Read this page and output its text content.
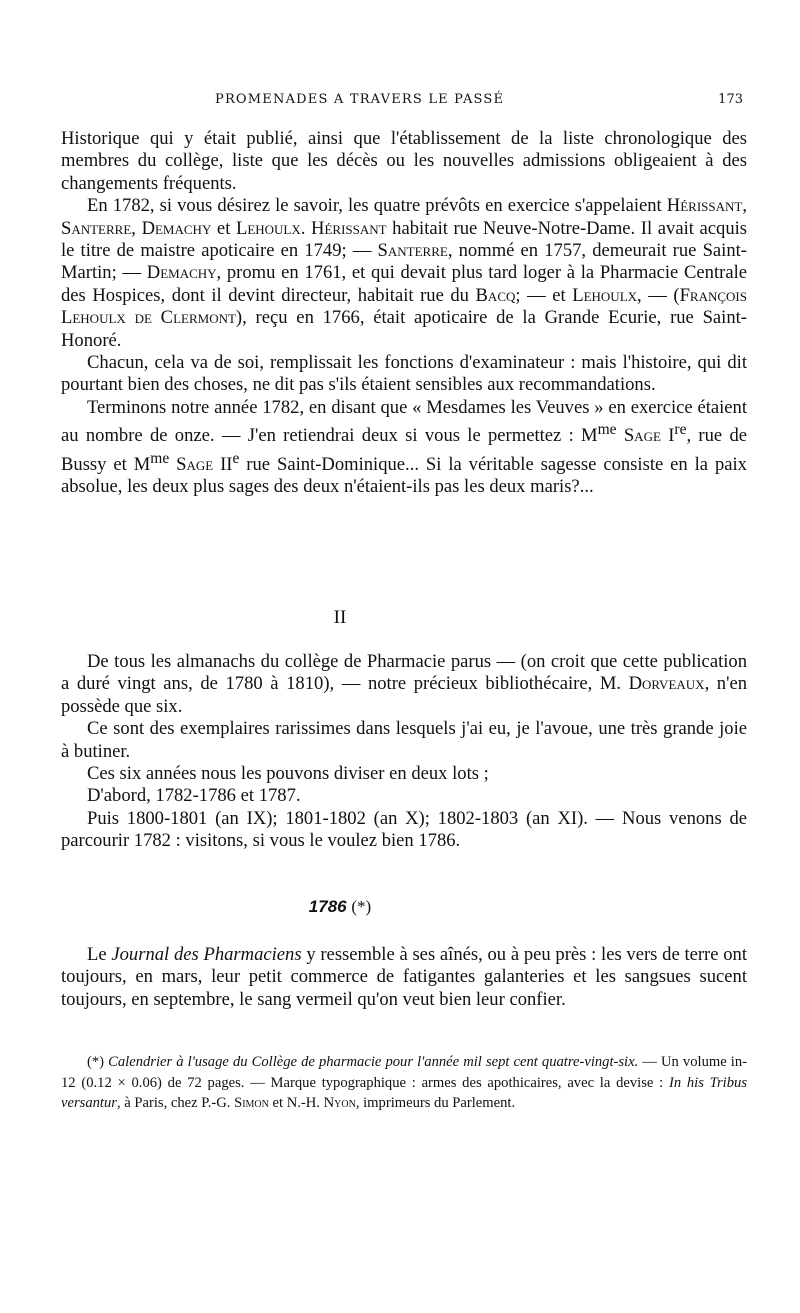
PROMENADES A TRAVERS LE PASSÉ	173

Historique qui y était publié, ainsi que l'établissement de la liste chronologique des membres du collège, liste que les décès ou les nouvelles admissions obligeaient à des changements fréquents.

En 1782, si vous désirez le savoir, les quatre prévôts en exercice s'appelaient Hérissant, Santerre, Demachy et Lehoulx. Hérissant habitait rue Neuve-Notre-Dame. Il avait acquis le titre de maistre apoticaire en 1749; — Santerre, nommé en 1757, demeurait rue Saint-Martin; — Demachy, promu en 1761, et qui devait plus tard loger à la Pharmacie Centrale des Hospices, dont il devint directeur, habitait rue du Bacq; — et Lehoulx, — (François Lehoulx de Clermont), reçu en 1766, était apoticaire de la Grande Ecurie, rue Saint-Honoré.

Chacun, cela va de soi, remplissait les fonctions d'examinateur : mais l'histoire, qui dit pourtant bien des choses, ne dit pas s'ils étaient sensibles aux recommandations.

Terminons notre année 1782, en disant que « Mesdames les Veuves » en exercice étaient au nombre de onze. — J'en retiendrai deux si vous le permettez : $M^{me}$ Sage Ire, rue de Bussy et $M^{me}$ Sage IIe rue Saint-Dominique... Si la véritable sagesse consiste en la paix absolue, les deux plus sages des deux n'étaient-ils pas les deux maris?...

II

De tous les almanachs du collège de Pharmacie parus — (on croit que cette publication a duré vingt ans, de 1780 à 1810), — notre précieux bibliothécaire, M. Dorveaux, n'en possède que six.

Ce sont des exemplaires rarissimes dans lesquels j'ai eu, je l'avoue, une très grande joie à butiner.

Ces six années nous les pouvons diviser en deux lots ;

D'abord, 1782-1786 et 1787.

Puis 1800-1801 (an IX); 1801-1802 (an X); 1802-1803 (an XI). — Nous venons de parcourir 1782 : visitons, si vous le voulez bien 1786.

1786 (*)

Le Journal des Pharmaciens y ressemble à ses aînés, ou à peu près : les vers de terre ont toujours, en mars, leur petit commerce de fatigantes galanteries et les sangsues sucent toujours, en septembre, le sang vermeil qu'on veut bien leur confier.

(*) Calendrier à l'usage du Collège de pharmacie pour l'année mil sept cent quatre-vingt-six. — Un volume in-12 (0.12 × 0.06) de 72 pages. — Marque typographique : armes des apothicaires, avec la devise : In his Tribus versantur, à Paris, chez P.-G. Simon et N.-H. Nyon, imprimeurs du Parlement.
